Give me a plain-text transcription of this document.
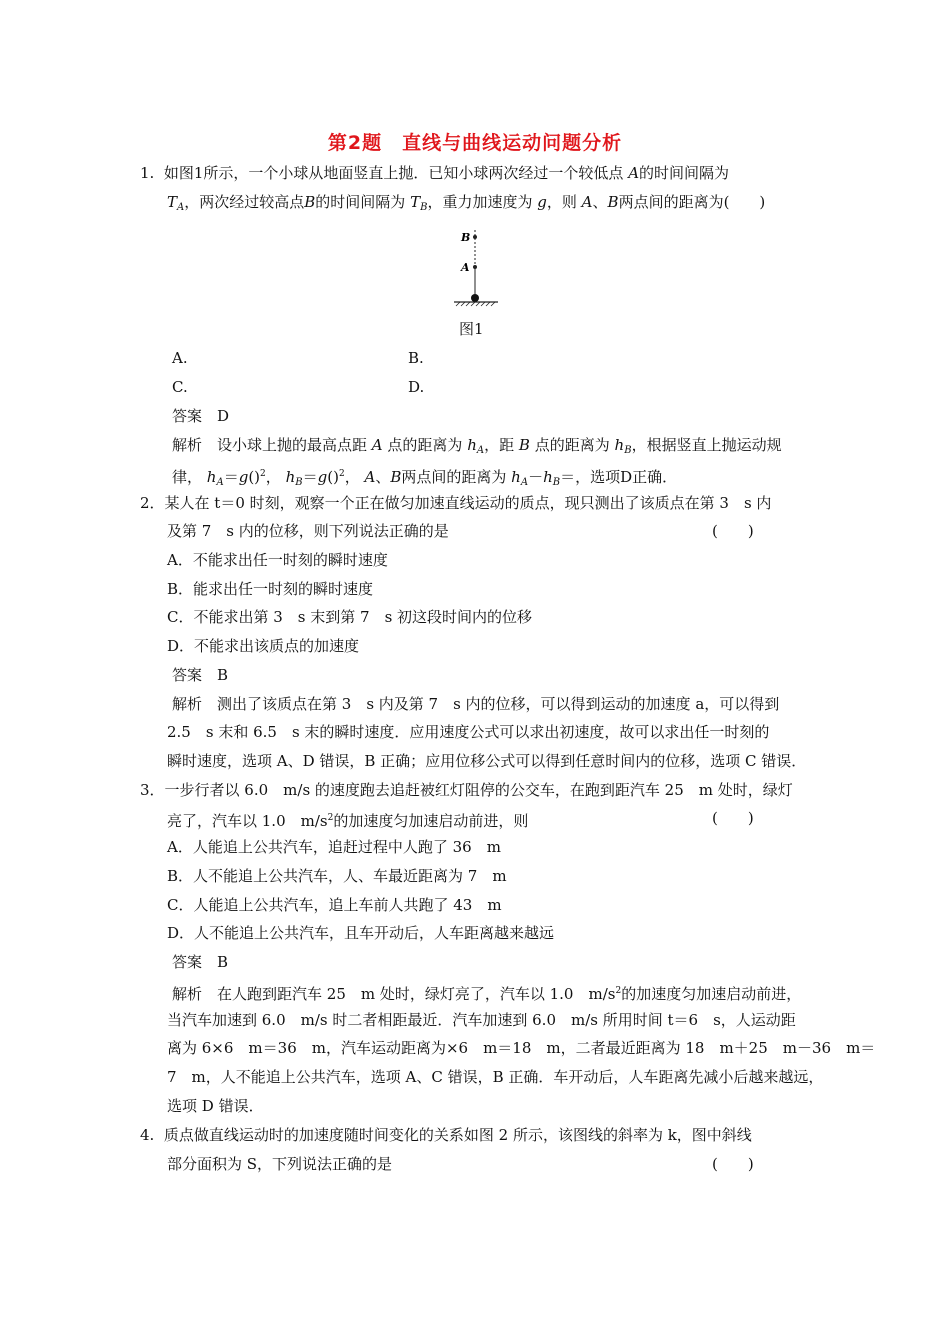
第2题　直线与曲线运动问题分析
1. 如图1所示，一个小球从地面竖直上抛．已知小球两次经过一个较低点 A的时间间隔为
$T_A$，两次经过较高点B的时间间隔为 $T_B$，重力加速度为 g，则 A、B两点间的距离为(　　)
B
A
图1
A.	B.
C.	D.
答案　D
解析　设小球上抛的最高点距 A 点的距离为 $h_A$，距 B 点的距离为 $h_B$，根据竖直上抛运动规
律， $h_A=g()^2$， $h_B=g()^2$， A、B两点间的距离为 $h_A-h_B=$，选项D正确．
2．某人在 t＝0 时刻，观察一个正在做匀加速直线运动的质点，现只测出了该质点在第 3　s 内
及第 7　s 内的位移，则下列说法正确的是	(　　)
A．不能求出任一时刻的瞬时速度
B．能求出任一时刻的瞬时速度
C．不能求出第 3　s 末到第 7　s 初这段时间内的位移
D．不能求出该质点的加速度
答案　B
解析　测出了该质点在第 3　s 内及第 7　s 内的位移，可以得到运动的加速度 a，可以得到
2.5　s 末和 6.5　s 末的瞬时速度．应用速度公式可以求出初速度，故可以求出任一时刻的
瞬时速度，选项 A、D 错误，B 正确；应用位移公式可以得到任意时间内的位移，选项 C 错误．
3．一步行者以 6.0　m/s 的速度跑去追赶被红灯阻停的公交车，在跑到距汽车 25　m 处时，绿灯
亮了，汽车以 1.0　$m/s^2$的加速度匀加速启动前进，则	(　　)
A．人能追上公共汽车，追赶过程中人跑了 36　m
B．人不能追上公共汽车，人、车最近距离为 7　m
C．人能追上公共汽车，追上车前人共跑了 43　m
D．人不能追上公共汽车，且车开动后，人车距离越来越远
答案　B
解析　在人跑到距汽车 25　m 处时，绿灯亮了，汽车以 1.0　$m/s^2$的加速度匀加速启动前进，
当汽车加速到 6.0　m/s 时二者相距最近．汽车加速到 6.0　m/s 所用时间 t＝6　s，人运动距
离为 6×6　m＝36　m，汽车运动距离为×6　m＝18　m，二者最近距离为 18　m＋25　m－36　m＝
7　m，人不能追上公共汽车，选项 A、C 错误，B 正确．车开动后，人车距离先减小后越来越远，
选项 D 错误．
4. 质点做直线运动时的加速度随时间变化的关系如图 2 所示，该图线的斜率为 k，图中斜线
部分面积为 S，下列说法正确的是	(　　)
